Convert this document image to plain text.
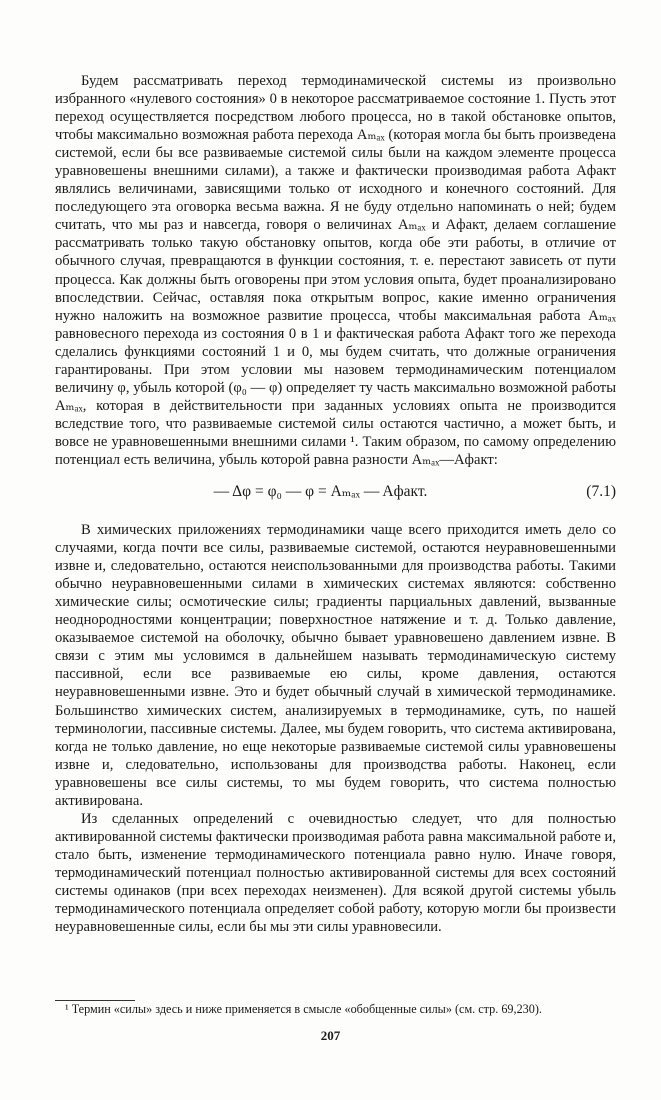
Будем рассматривать переход термодинамической системы из произвольно избранного «нулевого состояния» 0 в некоторое рассматриваемое состояние 1. Пусть этот переход осуществляется посредством любого процесса, но в такой обстановке опытов, чтобы максимально возможная работа перехода Aₘₐₓ (которая могла бы быть произведена системой, если бы все развиваемые системой силы были на каждом элементе процесса уравновешены внешними силами), а также и фактически производимая работа Aфакт являлись величинами, зависящими только от исходного и конечного состояний. Для последующего эта оговорка весьма важна. Я не буду отдельно напоминать о ней; будем считать, что мы раз и навсегда, говоря о величинах Aₘₐₓ и Aфакт, делаем соглашение рассматривать только такую обстановку опытов, когда обе эти работы, в отличие от обычного случая, превращаются в функции состояния, т. е. перестают зависеть от пути процесса. Как должны быть оговорены при этом условия опыта, будет проанализировано впоследствии. Сейчас, оставляя пока открытым вопрос, какие именно ограничения нужно наложить на возможное развитие процесса, чтобы максимальная работа Aₘₐₓ равновесного перехода из состояния 0 в 1 и фактическая работа Aфакт того же перехода сделались функциями состояний 1 и 0, мы будем считать, что должные ограничения гарантированы. При этом условии мы назовем термодинамическим потенциалом величину φ, убыль которой (φ₀ — φ) определяет ту часть максимально возможной работы Aₘₐₓ, которая в действительности при заданных условиях опыта не производится вследствие того, что развиваемые системой силы остаются частично, а может быть, и вовсе не уравновешенными внешними силами ¹. Таким образом, по самому определению потенциал есть величина, убыль которой равна разности Aₘₐₓ—Aфакт:

— Δφ = φ₀ — φ = Aₘₐₓ — Aфакт.	(7.1)

В химических приложениях термодинамики чаще всего приходится иметь дело со случаями, когда почти все силы, развиваемые системой, остаются неуравновешенными извне и, следовательно, остаются неиспользованными для производства работы. Такими обычно неуравновешенными силами в химических системах являются: собственно химические силы; осмотические силы; градиенты парциальных давлений, вызванные неоднородностями концентрации; поверхностное натяжение и т. д. Только давление, оказываемое системой на оболочку, обычно бывает уравновешено давлением извне. В связи с этим мы условимся в дальнейшем называть термодинамическую систему пассивной, если все развиваемые ею силы, кроме давления, остаются неуравновешенными извне. Это и будет обычный случай в химической термодинамике. Большинство химических систем, анализируемых в термодинамике, суть, по нашей терминологии, пассивные системы. Далее, мы будем говорить, что система активирована, когда не только давление, но еще некоторые развиваемые системой силы уравновешены извне и, следовательно, использованы для производства работы. Наконец, если уравновешены все силы системы, то мы будем говорить, что система полностью активирована.

Из сделанных определений с очевидностью следует, что для полностью активированной системы фактически производимая работа равна максимальной работе и, стало быть, изменение термодинамического потенциала равно нулю. Иначе говоря, термодинамический потенциал полностью активированной системы для всех состояний системы одинаков (при всех переходах неизменен). Для всякой другой системы убыль термодинамического потенциала определяет собой работу, которую могли бы произвести неуравновешенные силы, если бы мы эти силы уравновесили.

¹ Термин «силы» здесь и ниже применяется в смысле «обобщенные силы» (см. стр. 69,230).
207
